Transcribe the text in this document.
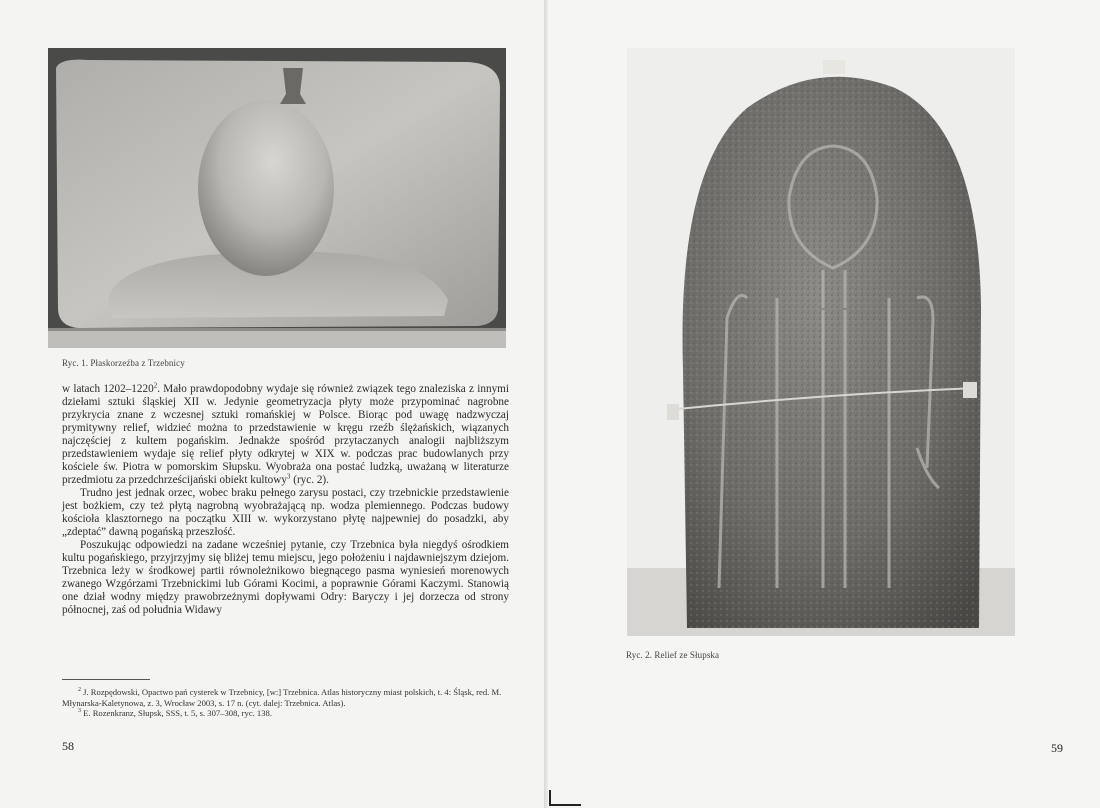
Ryc. 1. Płaskorzeźba z Trzebnicy

w latach 1202–1220$^2$. Mało prawdopodobny wydaje się również związek tego znaleziska z innymi dziełami sztuki śląskiej XII w. Jedynie geometryzacja płyty może przypominać nagrobne przykrycia znane z wczesnej sztuki romańskiej w Polsce. Biorąc pod uwagę nadzwyczaj prymitywny relief, widzieć można to przedstawienie w kręgu rzeźb ślężańskich, wiązanych najczęściej z kultem pogańskim. Jednakże spośród przytaczanych analogii najbliższym przedstawieniem wydaje się relief płyty odkrytej w XIX w. podczas prac budowlanych przy kościele św. Piotra w pomorskim Słupsku. Wyobraża ona postać ludzką, uważaną w literaturze przedmiotu za przedchrześcijański obiekt kultowy$^3$ (ryc. 2).

Trudno jest jednak orzec, wobec braku pełnego zarysu postaci, czy trzebnickie przedstawienie jest bożkiem, czy też płytą nagrobną wyobrażającą np. wodza plemiennego. Podczas budowy kościoła klasztornego na początku XIII w. wykorzystano płytę najpewniej do posadzki, aby „zdeptać” dawną pogańską przeszłość.

Poszukując odpowiedzi na zadane wcześniej pytanie, czy Trzebnica była niegdyś ośrodkiem kultu pogańskiego, przyjrzyjmy się bliżej temu miejscu, jego położeniu i najdawniejszym dziejom. Trzebnica leży w środkowej partii równoleżnikowo biegnącego pasma wyniesień morenowych zwanego Wzgórzami Trzebnickimi lub Górami Kocimi, a poprawnie Górami Kaczymi. Stanowią one dział wodny między prawobrzeżnymi dopływami Odry: Baryczy i jej dorzecza od strony północnej, zaś od południa Widawy

$^2$ J. Rozpędowski, Opactwo pań cysterek w Trzebnicy, [w:] Trzebnica. Atlas historyczny miast polskich, t. 4: Śląsk, red. M. Młynarska-Kaletynowa, z. 3, Wrocław 2003, s. 17 n. (cyt. dalej: Trzebnica. Atlas).

$^3$ E. Rozenkranz, Słupsk, SSS, t. 5, s. 307–308, ryc. 138.

58
Ryc. 2. Relief ze Słupska
59
